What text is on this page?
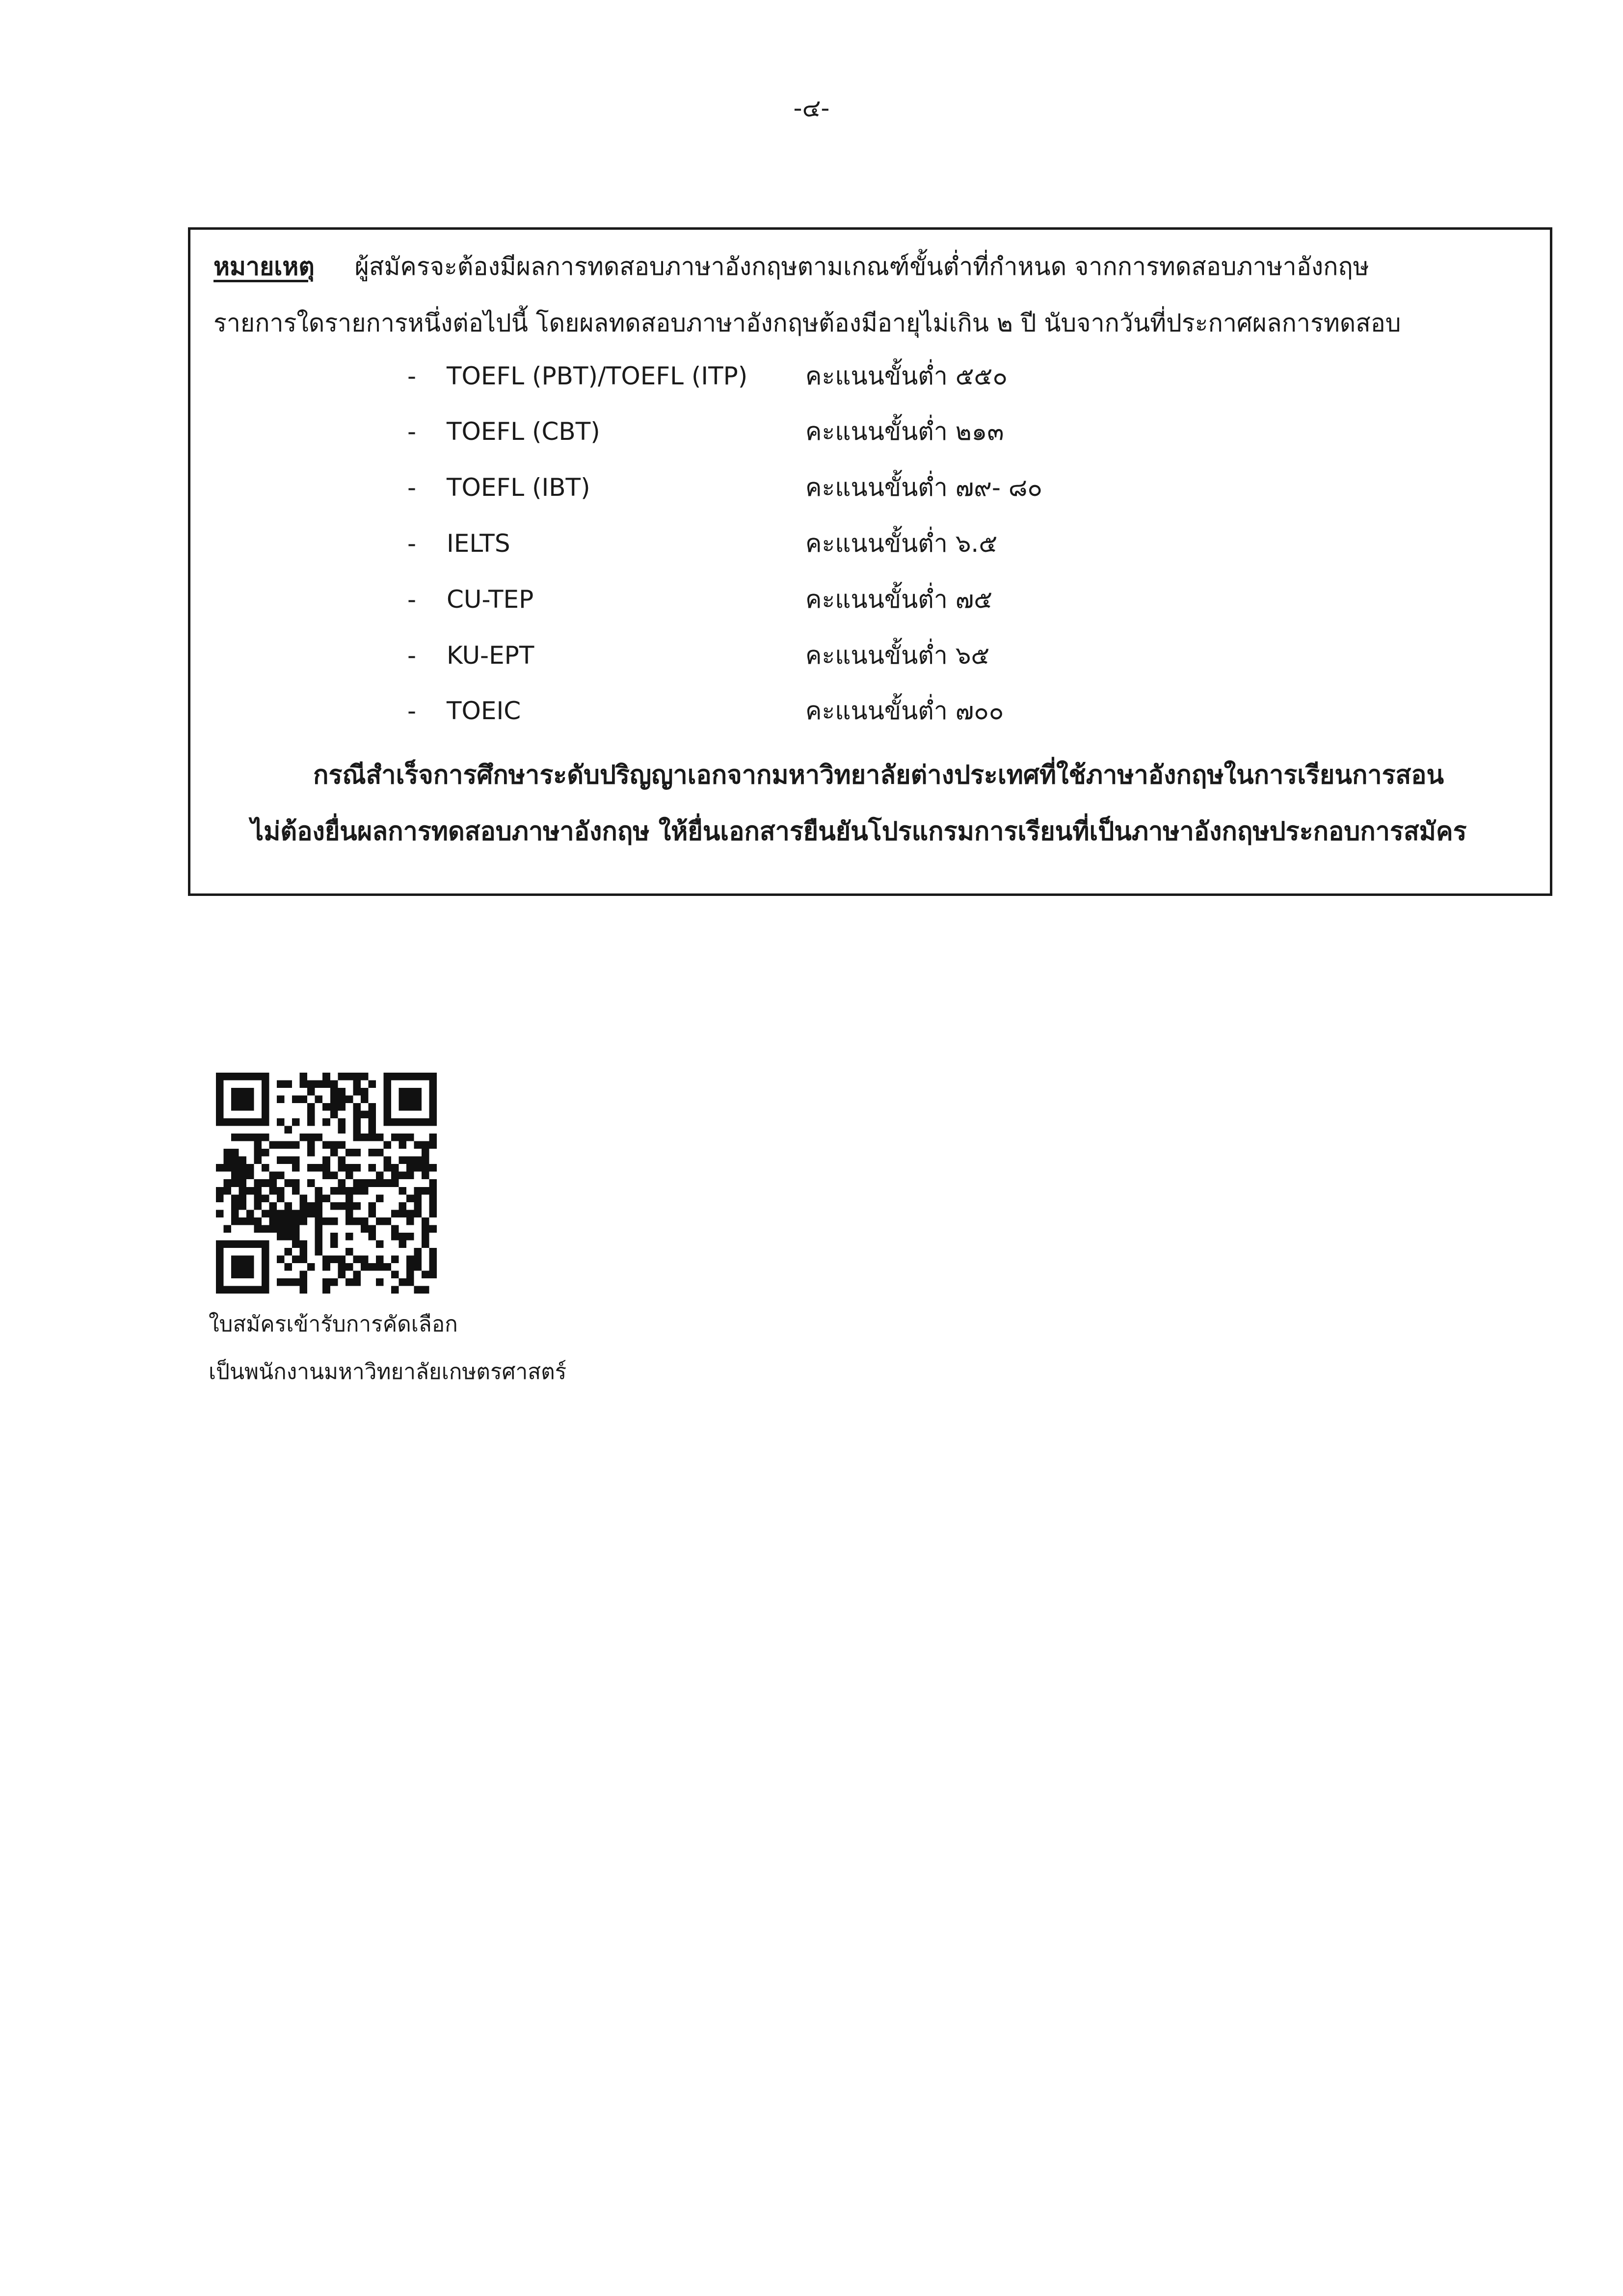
-๔-
หมายเหตุ ผู้สมัครจะต้องมีผลการทดสอบภาษาอังกฤษตามเกณฑ์ขั้นต่ำที่กำหนด จากการทดสอบภาษาอังกฤษ
รายการใดรายการหนึ่งต่อไปนี้ โดยผลทดสอบภาษาอังกฤษต้องมีอายุไม่เกิน ๒ ปี นับจากวันที่ประกาศผลการทดสอบ
- TOEFL (PBT)/TOEFL (ITP) คะแนนขั้นต่ำ ๕๕๐
- TOEFL (CBT)	คะแนนขั้นต่ำ ๒๑๓
- TOEFL (IBT)	คะแนนขั้นต่ำ ๗๙- ๘๐
- IELTS	คะแนนขั้นต่ำ ๖.๕
- CU-TEP	คะแนนขั้นต่ำ ๗๕
- KU-EPT	คะแนนขั้นต่ำ ๖๕
- TOEIC	คะแนนขั้นต่ำ ๗๐๐
กรณีสำเร็จการศึกษาระดับปริญญาเอกจากมหาวิทยาลัยต่างประเทศที่ใช้ภาษาอังกฤษในการเรียนการสอน
ไม่ต้องยื่นผลการทดสอบภาษาอังกฤษ ให้ยื่นเอกสารยืนยันโปรแกรมการเรียนที่เป็นภาษาอังกฤษประกอบการสมัคร
ใบสมัครเข้ารับการคัดเลือก
เป็นพนักงานมหาวิทยาลัยเกษตรศาสตร์
